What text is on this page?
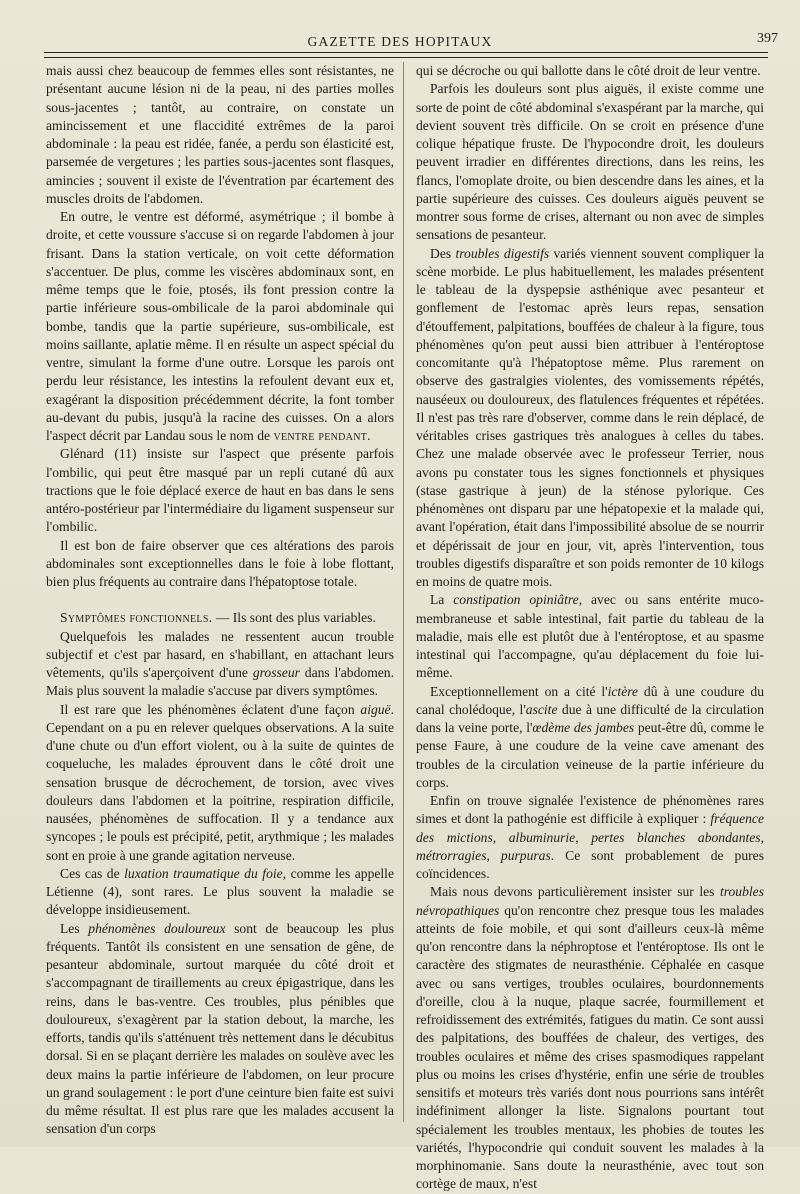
GAZETTE DES HOPITAUX	397

mais aussi chez beaucoup de femmes elles sont résistantes, ne présentant aucune lésion ni de la peau, ni des parties molles sous-jacentes ; tantôt, au contraire, on constate un amincissement et une flaccidité extrêmes de la paroi abdominale : la peau est ridée, fanée, a perdu son élasticité est, parsemée de vergetures ; les parties sous-jacentes sont flasques, amincies ; souvent il existe de l'éventration par écartement des muscles droits de l'abdomen.

En outre, le ventre est déformé, asymétrique ; il bombe à droite, et cette voussure s'accuse si on regarde l'abdomen à jour frisant. Dans la station verticale, on voit cette déformation s'accentuer. De plus, comme les viscères abdominaux sont, en même temps que le foie, ptosés, ils font pression contre la partie inférieure sous-ombilicale de la paroi abdominale qui bombe, tandis que la partie supérieure, sus-ombilicale, est moins saillante, aplatie même. Il en résulte un aspect spécial du ventre, simulant la forme d'une outre. Lorsque les parois ont perdu leur résistance, les intestins la refoulent devant eux et, exagérant la disposition précédemment décrite, la font tomber au-devant du pubis, jusqu'à la racine des cuisses. On a alors l'aspect décrit par Landau sous le nom de ventre pendant.

Glénard (11) insiste sur l'aspect que présente parfois l'ombilic, qui peut être masqué par un repli cutané dû aux tractions que le foie déplacé exerce de haut en bas dans le sens antéro-postérieur par l'intermédiaire du ligament suspenseur sur l'ombilic.

Il est bon de faire observer que ces altérations des parois abdominales sont exceptionnelles dans le foie à lobe flottant, bien plus fréquents au contraire dans l'hépatoptose totale.

Symptômes fonctionnels. — Ils sont des plus variables.

Quelquefois les malades ne ressentent aucun trouble subjectif et c'est par hasard, en s'habillant, en attachant leurs vêtements, qu'ils s'aperçoivent d'une grosseur dans l'abdomen. Mais plus souvent la maladie s'accuse par divers symptômes.

Il est rare que les phénomènes éclatent d'une façon aiguë. Cependant on a pu en relever quelques observations. A la suite d'une chute ou d'un effort violent, ou à la suite de quintes de coqueluche, les malades éprouvent dans le côté droit une sensation brusque de décrochement, de torsion, avec vives douleurs dans l'abdomen et la poitrine, respiration difficile, nausées, phénomènes de suffocation. Il y a tendance aux syncopes ; le pouls est précipité, petit, arythmique ; les malades sont en proie à une grande agitation nerveuse.

Ces cas de luxation traumatique du foie, comme les appelle Létienne (4), sont rares. Le plus souvent la maladie se développe insidieusement.

Les phénomènes douloureux sont de beaucoup les plus fréquents. Tantôt ils consistent en une sensation de gêne, de pesanteur abdominale, surtout marquée du côté droit et s'accompagnant de tiraillements au creux épigastrique, dans les reins, dans le bas-ventre. Ces troubles, plus pénibles que douloureux, s'exagèrent par la station debout, la marche, les efforts, tandis qu'ils s'atténuent très nettement dans le décubitus dorsal. Si en se plaçant derrière les malades on soulève avec les deux mains la partie inférieure de l'abdomen, on leur procure un grand soulagement : le port d'une ceinture bien faite est suivi du même résultat. Il est plus rare que les malades accusent la sensation d'un corps

qui se décroche ou qui ballotte dans le côté droit de leur ventre.

Parfois les douleurs sont plus aiguës, il existe comme une sorte de point de côté abdominal s'exaspérant par la marche, qui devient souvent très difficile. On se croit en présence d'une colique hépatique fruste. De l'hypocondre droit, les douleurs peuvent irradier en différentes directions, dans les reins, les flancs, l'omoplate droite, ou bien descendre dans les aines, et la partie supérieure des cuisses. Ces douleurs aiguës peuvent se montrer sous forme de crises, alternant ou non avec de simples sensations de pesanteur.

Des troubles digestifs variés viennent souvent compliquer la scène morbide. Le plus habituellement, les malades présentent le tableau de la dyspepsie asthénique avec pesanteur et gonflement de l'estomac après leurs repas, sensation d'étouffement, palpitations, bouffées de chaleur à la figure, tous phénomènes qu'on peut aussi bien attribuer à l'entéroptose concomitante qu'à l'hépatoptose même. Plus rarement on observe des gastralgies violentes, des vomissements répétés, nauséeux ou douloureux, des flatulences fréquentes et répétées. Il n'est pas très rare d'observer, comme dans le rein déplacé, de véritables crises gastriques très analogues à celles du tabes. Chez une malade observée avec le professeur Terrier, nous avons pu constater tous les signes fonctionnels et physiques (stase gastrique à jeun) de la sténose pylorique. Ces phénomènes ont disparu par une hépatopexie et la malade qui, avant l'opération, était dans l'impossibilité absolue de se nourrir et dépérissait de jour en jour, vit, après l'intervention, tous troubles digestifs disparaître et son poids remonter de 10 kilogs en moins de quatre mois.

La constipation opiniâtre, avec ou sans entérite muco-membraneuse et sable intestinal, fait partie du tableau de la maladie, mais elle est plutôt due à l'entéroptose, et au spasme intestinal qui l'accompagne, qu'au déplacement du foie lui-même.

Exceptionnellement on a cité l'ictère dû à une coudure du canal cholédoque, l'ascite due à une difficulté de la circulation dans la veine porte, l'œdème des jambes peut-être dû, comme le pense Faure, à une coudure de la veine cave amenant des troubles de la circulation veineuse de la partie inférieure du corps.

Enfin on trouve signalée l'existence de phénomènes rares simes et dont la pathogénie est difficile à expliquer : fréquence des mictions, albuminurie, pertes blanches abondantes, métrorragies, purpuras. Ce sont probablement de pures coïncidences.

Mais nous devons particulièrement insister sur les troubles névropathiques qu'on rencontre chez presque tous les malades atteints de foie mobile, et qui sont d'ailleurs ceux-là même qu'on rencontre dans la néphroptose et l'entéroptose. Ils ont le caractère des stigmates de neurasthénie. Céphalée en casque avec ou sans vertiges, troubles oculaires, bourdonnements d'oreille, clou à la nuque, plaque sacrée, fourmillement et refroidissement des extrémités, fatigues du matin. Ce sont aussi des palpitations, des bouffées de chaleur, des vertiges, des troubles oculaires et même des crises spasmodiques rappelant plus ou moins les crises d'hystérie, enfin une série de troubles sensitifs et moteurs très variés dont nous pourrions sans intérêt indéfiniment allonger la liste. Signalons pourtant tout spécialement les troubles mentaux, les phobies de toutes les variétés, l'hypocondrie qui conduit souvent les malades à la morphinomanie. Sans doute la neurasthénie, avec tout son cortège de maux, n'est
